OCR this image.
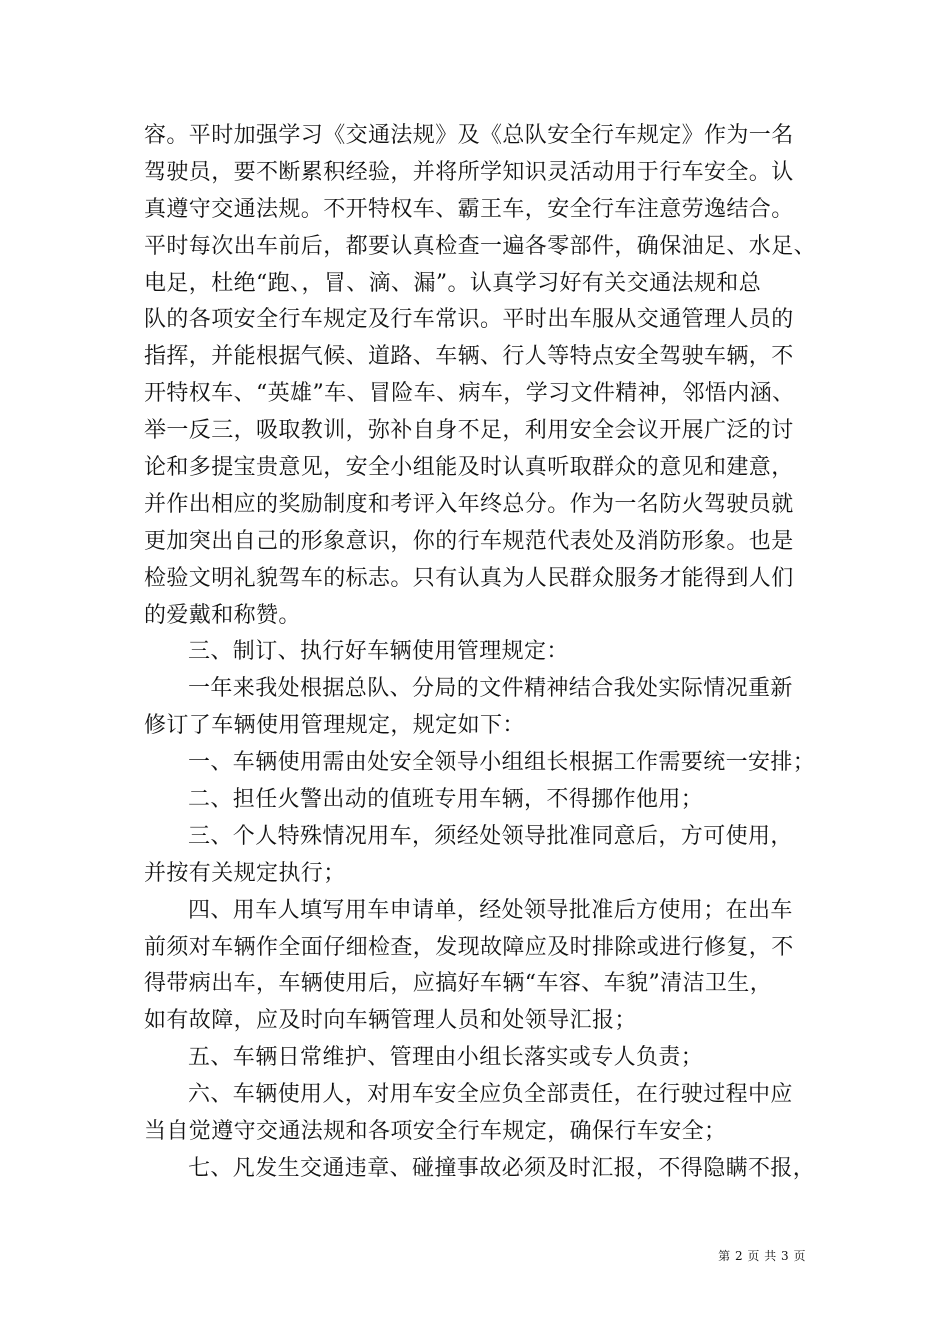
容。平时加强学习《交通法规》及《总队安全行车规定》作为一名
驾驶员，要不断累积经验，并将所学知识灵活动用于行车安全。认
真遵守交通法规。不开特权车、霸王车，安全行车注意劳逸结合。
平时每次出车前后，都要认真检查一遍各零部件，确保油足、水足、
电足，杜绝“跑、，冒、滴、漏”。认真学习好有关交通法规和总
队的各项安全行车规定及行车常识。平时出车服从交通管理人员的
指挥，并能根据气候、道路、车辆、行人等特点安全驾驶车辆，不
开特权车、“英雄”车、冒险车、病车，学习文件精神，邻悟内涵、
举一反三，吸取教训，弥补自身不足，利用安全会议开展广泛的讨
论和多提宝贵意见，安全小组能及时认真听取群众的意见和建意，
并作出相应的奖励制度和考评入年终总分。作为一名防火驾驶员就
更加突出自己的形象意识，你的行车规范代表处及消防形象。也是
检验文明礼貌驾车的标志。只有认真为人民群众服务才能得到人们
的爱戴和称赞。
三、制订、执行好车辆使用管理规定：
一年来我处根据总队、分局的文件精神结合我处实际情况重新
修订了车辆使用管理规定，规定如下：
一、车辆使用需由处安全领导小组组长根据工作需要统一安排；
二、担任火警出动的值班专用车辆，不得挪作他用；
三、个人特殊情况用车，须经处领导批准同意后，方可使用，
并按有关规定执行；
四、用车人填写用车申请单，经处领导批准后方使用；在出车
前须对车辆作全面仔细检查，发现故障应及时排除或进行修复，不
得带病出车，车辆使用后，应搞好车辆“车容、车貌”清洁卫生，
如有故障，应及时向车辆管理人员和处领导汇报；
五、车辆日常维护、管理由小组长落实或专人负责；
六、车辆使用人，对用车安全应负全部责任，在行驶过程中应
当自觉遵守交通法规和各项安全行车规定，确保行车安全；
七、凡发生交通违章、碰撞事故必须及时汇报，不得隐瞒不报，
第 2 页 共 3 页
